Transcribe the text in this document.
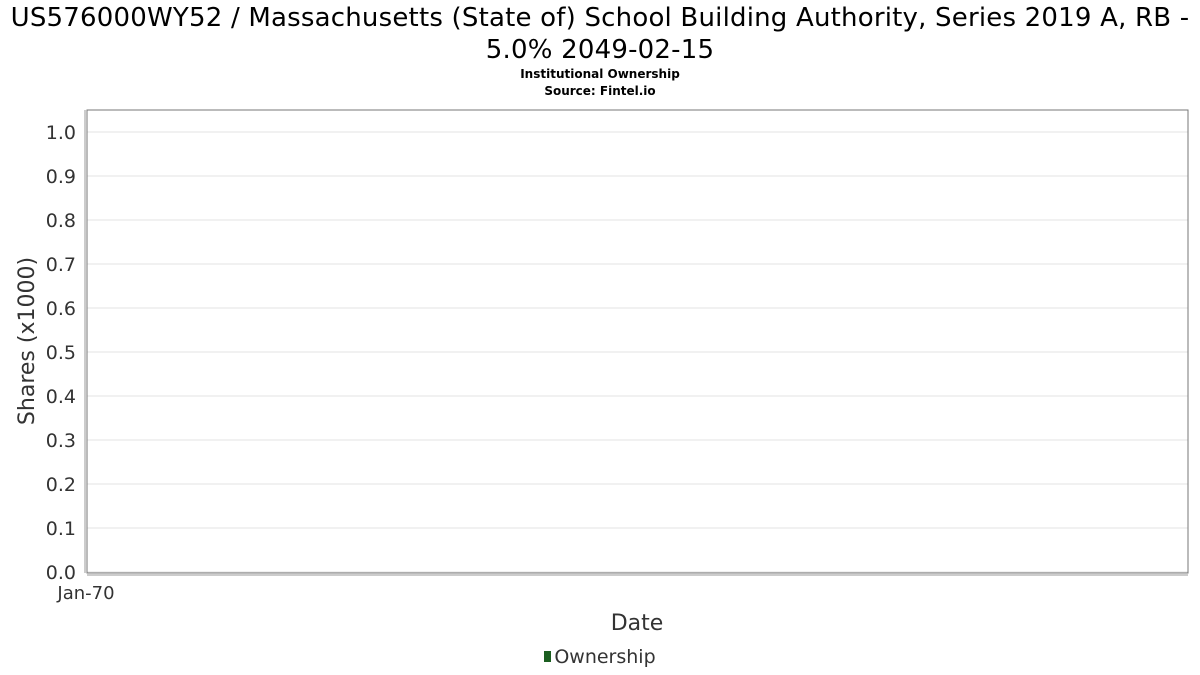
US576000WY52 / Massachusetts (State of) School Building Authority, Series 2019 A, RB - 5.0% 2049-02-15
Institutional Ownership
Source: Fintel.io
0.0
0.1
0.2
0.3
0.4
0.5
0.6
0.7
0.8
0.9
1.0
Jan-70
Shares (x1000)
Date
Ownership
